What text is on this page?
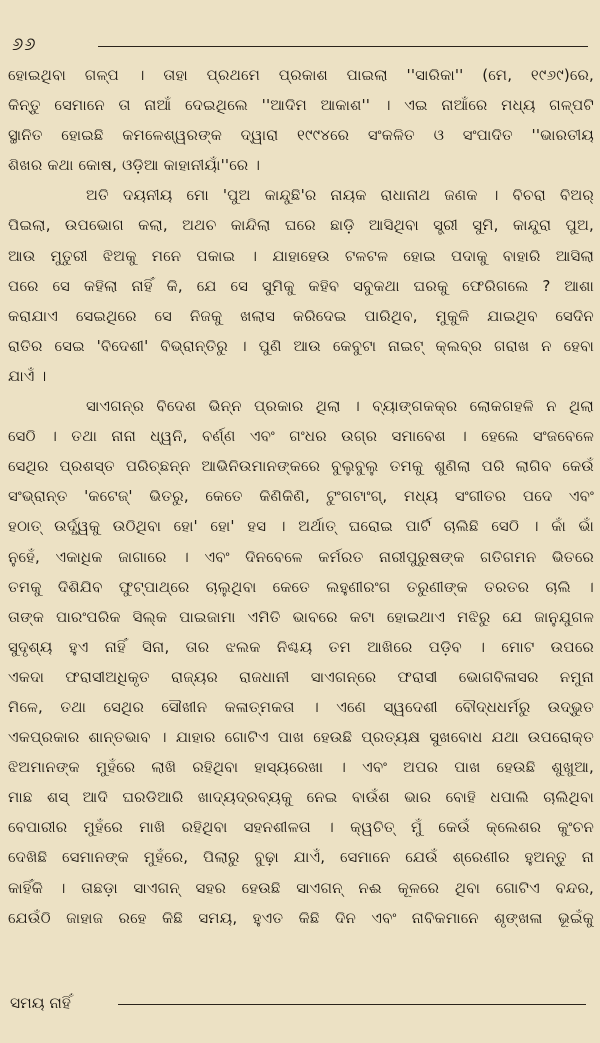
୬୬
ହୋଇଥିବା ଗଳ୍ପ । ତାହା ପ୍ରଥମେ ପ୍ରକାଶ ପାଇଲା ''ସାରିକା'' (ମେ, ୧୯୬୯)ରେ,
କିନ୍ତୁ ସେମାନେ ତା ନାଆଁ ଦେଇଥିଲେ ''ଆଦିମ ଆକାଶ'' । ଏଇ ନାଆଁରେ ମଧ୍ୟ ଗଳ୍ପଟି
ସ୍ଥାନିତ ହୋଇଛି କମଳେଶ୍ୱରଙ୍କ ଦ୍ୱାରା ୧୯୯୪ରେ ସଂକଳିତ ଓ ସଂପାଦିତ ''ଭାରତୀୟ
ଶିଖର କଥା କୋଷ, ଓଡ଼ିଆ କାହାନୀୟାଁ''ରେ ।
ଅତି ଦୟନୀୟ ମୋ 'ପୁଅ କାନ୍ଦୁଛି'ର ନାୟକ ରାଧାନାଥ ଜଣକ । ବିଚରା ବିଅର୍
ପିଇଲା, ଉପଭୋଗ କଲା, ଅଥଚ କାନ୍ଦିଲା ଘରେ ଛାଡ଼ି ଆସିଥିବା ସ୍ତ୍ରୀ ସୁମି, କାନ୍ଦୁରା ପୁଅ,
ଆଉ ମୁତୁରୀ ଝିଅକୁ ମନେ ପକାଇ । ଯାହାହେଉ ଟଳଟଳ ହୋଇ ପଦାକୁ ବାହାରି ଆସିଲା
ପରେ ସେ କହିଲା ନାହିଁ କି, ଯେ ସେ ସୁମିକୁ କହିବ ସବୁକଥା ଘରକୁ ଫେରିଗଲେ ? ଆଶା
କରାଯାଏ ସେଇଥିରେ ସେ ନିଜକୁ ଖଲାସ କରିଦେଇ ପାରିଥିବ, ମୁକୁଳି ଯାଇଥିବ ସେଦିନ
ରାତିର ସେଇ 'ବିଦେଶୀ' ବିଭ୍ରାନ୍ତିରୁ । ପୁଣି ଆଉ କେବୁଟା ନାଇଟ୍ କ୍ଲବ୍‌ର ଗରାଖ ନ ହେବା
ଯାଏଁ ।
ସାଏଗନ୍‌ର ବିଦେଶ ଭିନ୍ନ ପ୍ରକାର ଥିଲା । ବ୍ୟାଙ୍ଗକକ୍‌ର ଲୋକଗହଳି ନ ଥିଲା
ସେଠି । ତଥା ନାନା ଧ୍ୱନି, ବର୍ଣ୍ଣ ଏବଂ ଗଂଧର ଉଗ୍ର ସମାବେଶ । ହେଲେ ସଂଜବେଳେ
ସେଥିର ପ୍ରଶସ୍ତ ପରିଚ୍ଛନ୍ନ ଆଭିନିଉମାନଙ୍କରେ ବୁଲୁବୁଲୁ ତମକୁ ଶୁଣିଲା ପରି ଲାଗିବ କେଉଁ
ସଂଭ୍ରାନ୍ତ 'କଟେଜ୍' ଭିତରୁ, କେତେ କିଣିକିଣି, ଟୁଂଗଟାଂଗ୍, ମଧ୍ୟ ସଂଗୀତର ପଦେ ଏବଂ
ହଠାତ୍ ଉର୍ଦ୍ଧ୍ୱକୁ ଉଠିଥିବା ହୋ' ହୋ' ହସ । ଅର୍ଥାତ୍ ଘରୋଇ ପାର୍ଟି ଚାଲିଛି ସେଠି । କାଁ ଭାଁ
ନୁହେଁ, ଏକାଧିକ ଜାଗାରେ । ଏବଂ ଦିନବେଳେ କର୍ମରତ ନାରୀପୁରୁଷଙ୍କ ଗତିଗମନ ଭିତରେ
ତମକୁ ଦିଶିଯିବ ଫୁଟ୍‌ପାଥ୍‌ରେ ଚାଲୁଥିବା କେତେ ଲହୁଣୀରଂଗ ତରୁଣୀଙ୍କ ତରତର ଚାଲି ।
ତାଙ୍କ ପାରଂପରିକ ସିଲ୍କ ପାଇଜାମା ଏମିତି ଭାବରେ କଟା ହୋଇଥାଏ ମଝିରୁ ଯେ ଜାନୁଯୁଗଳ
ସୁଦୃଶ୍ୟ ହୁଏ ନାହିଁ ସିନା, ତାର ଝଲକ ନିଶ୍ଚୟ ତମ ଆଖିରେ ପଡ଼ିବ । ମୋଟ ଉପରେ
ଏକଦା ଫରାସୀଅଧିକୃତ ରାଜ୍ୟର ରାଜଧାନୀ ସାଏଗନ୍‌ରେ ଫରାସୀ ଭୋଗବିଳାସର ନମୁନା
ମିଳେ, ତଥା ସେଥିର ସୌଖୀନ କଳାତ୍ମକତା । ଏଣେ ସ୍ୱଦେଶୀ ବୌଦ୍ଧଧର୍ମରୁ ଉଦ୍‌ଭୁତ
ଏକପ୍ରକାର ଶାନ୍ତଭାବ । ଯାହାର ଗୋଟିଏ ପାଖ ହେଉଛି ପ୍ରତ୍ୟକ୍ଷ ସୁଖବୋଧ ଯଥା ଉପରୋକ୍ତ
ଝିଅମାନଙ୍କ ମୁହଁରେ ଲାଖି ରହିଥିବା ହାସ୍ୟରେଖା । ଏବଂ ଅପର ପାଖ ହେଉଛି ଶୁଖୁଆ,
ମାଛ ଶସ୍ ଆଦି ଘରଡିଆରି ଖାଦ୍ୟଦ୍ରବ୍ୟକୁ ନେଇ ବାଉଁଶ ଭାର ବୋହି ଧପାଲି ଚାଲିଥିବା
ବେପାରୀର ମୁହଁରେ ମାଖି ରହିଥିବା ସହନଶୀଳତା । କ୍ୱଚିତ୍ ମୁଁ କେଉଁ କ୍ଲେଶର କୁଂଚନ
ଦେଖିଛି ସେମାନଙ୍କ ମୁହଁରେ, ପିଲାରୁ ବୁଢ଼ା ଯାଏଁ, ସେମାନେ ଯେଉଁ ଶ୍ରେଣୀର ହୁଅନ୍ତୁ ନା
କାହିଁକି । ତାଛଡ଼ା ସାଏଗନ୍ ସହର ହେଉଛି ସାଏଗନ୍ ନଈ କୂଳରେ ଥିବା ଗୋଟିଏ ବନ୍ଦର,
ଯେଉଁଠି ଜାହାଜ ରହେ କିଛି ସମୟ, ହୁଏତ କିଛି ଦିନ ଏବଂ ନାବିକମାନେ ଶୃଙ୍ଖଳା ଭୂଇଁକୁ
ସମୟ ନାହିଁ
